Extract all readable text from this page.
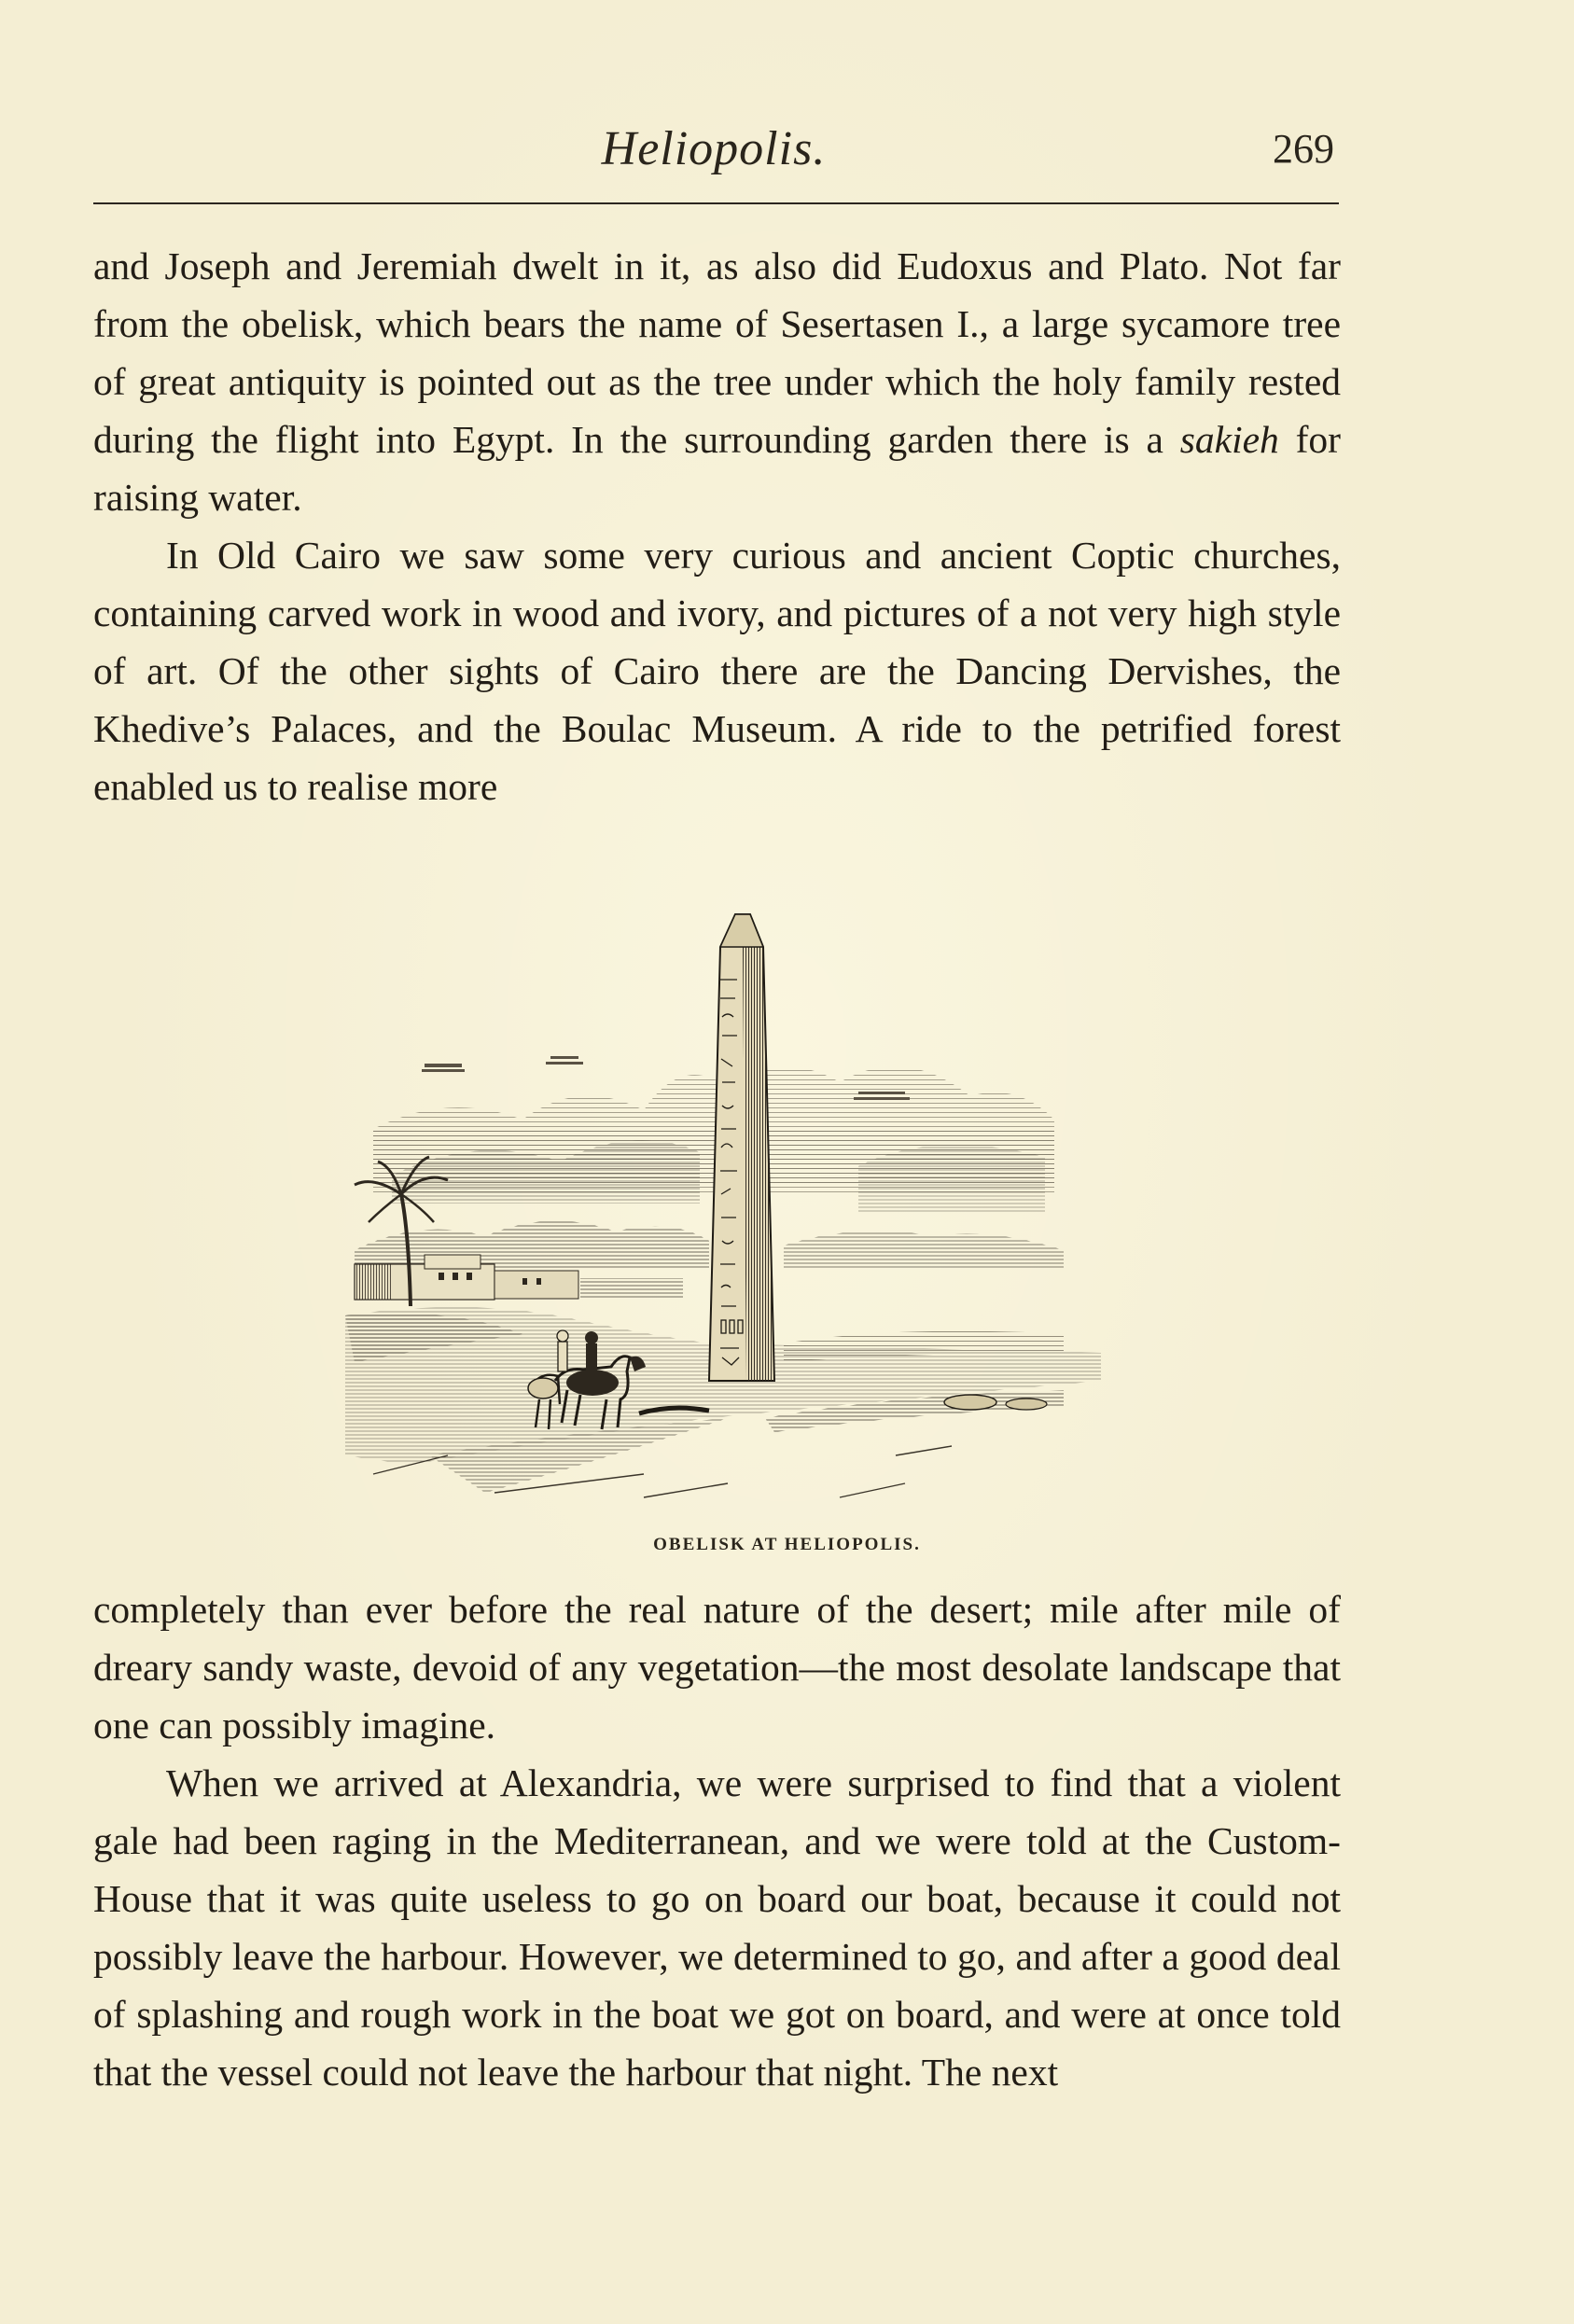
Heliopolis.	269

and Joseph and Jeremiah dwelt in it, as also did Eudoxus and Plato. Not far from the obelisk, which bears the name of Sesertasen I., a large sycamore tree of great antiquity is pointed out as the tree under which the holy family rested during the flight into Egypt. In the surrounding garden there is a sakieh for raising water.

In Old Cairo we saw some very curious and ancient Coptic churches, containing carved work in wood and ivory, and pictures of a not very high style of art. Of the other sights of Cairo there are the Dancing Dervishes, the Khedive’s Palaces, and the Boulac Museum. A ride to the petrified forest enabled us to realise more

OBELISK AT HELIOPOLIS.

completely than ever before the real nature of the desert; mile after mile of dreary sandy waste, devoid of any vegetation—the most desolate landscape that one can possibly imagine.

When we arrived at Alexandria, we were surprised to find that a violent gale had been raging in the Mediterranean, and we were told at the Custom-House that it was quite useless to go on board our boat, because it could not possibly leave the harbour. However, we determined to go, and after a good deal of splashing and rough work in the boat we got on board, and were at once told that the vessel could not leave the harbour that night. The next
